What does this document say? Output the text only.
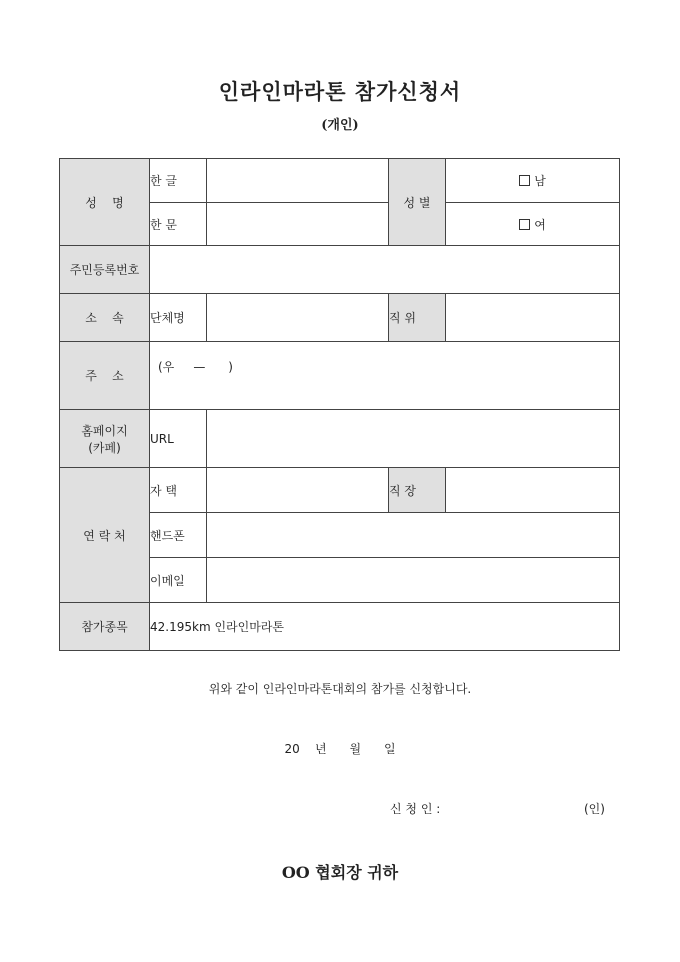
인라인마라톤 참가신청서
(개인)
성    명	한 글		성 별	남
	한 문			여
주민등록번호				
소    속	단체명		직 위	
주    소	(우     —      )			

홈페이지
(카페)	URL			
연 락 처	자 택		직 장	
	핸드폰			
	이메일			
참가종목	42.195km 인라인마라톤			
위와 같이 인라인마라톤대회의 참가를 신청합니다.
20    년      월      일
신 청 인 :	(인)
OO 협회장 귀하
